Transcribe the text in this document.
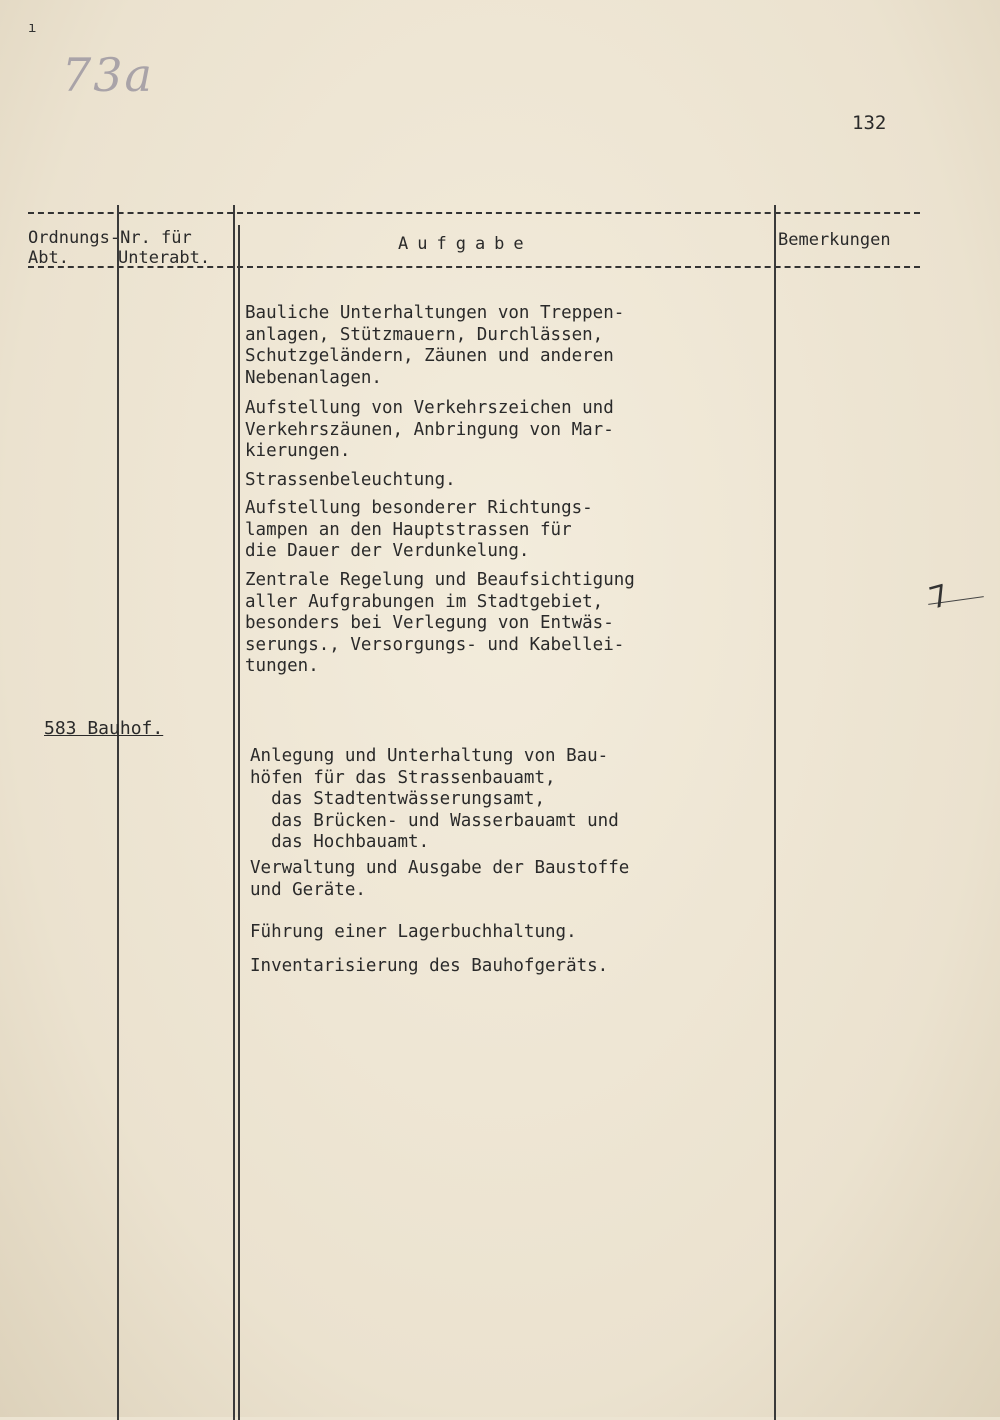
ı
73a
132
Ordnungs-Nr. für
Abt.	Unterabt.
Aufgabe	Bemerkungen
Bauliche Unterhaltungen von Treppen-
anlagen, Stützmauern, Durchlässen,
Schutzgeländern, Zäunen und anderen
Nebenanlagen.
Aufstellung von Verkehrszeichen und
Verkehrszäunen, Anbringung von Mar-
kierungen.
Strassenbeleuchtung.
Aufstellung besonderer Richtungs-
lampen an den Hauptstrassen für
die Dauer der Verdunkelung.
Zentrale Regelung und Beaufsichtigung
aller Aufgrabungen im Stadtgebiet,
besonders bei Verlegung von Entwäs-
serungs., Versorgungs- und Kabellei-
tungen.
583 Bauhof.
Anlegung und Unterhaltung von Bau-
höfen für das Strassenbauamt,
das Stadtentwässerungsamt,
das Brücken- und Wasserbauamt und
das Hochbauamt.
Verwaltung und Ausgabe der Baustoffe
und Geräte.
Führung einer Lagerbuchhaltung.
Inventarisierung des Bauhofgeräts.
7
